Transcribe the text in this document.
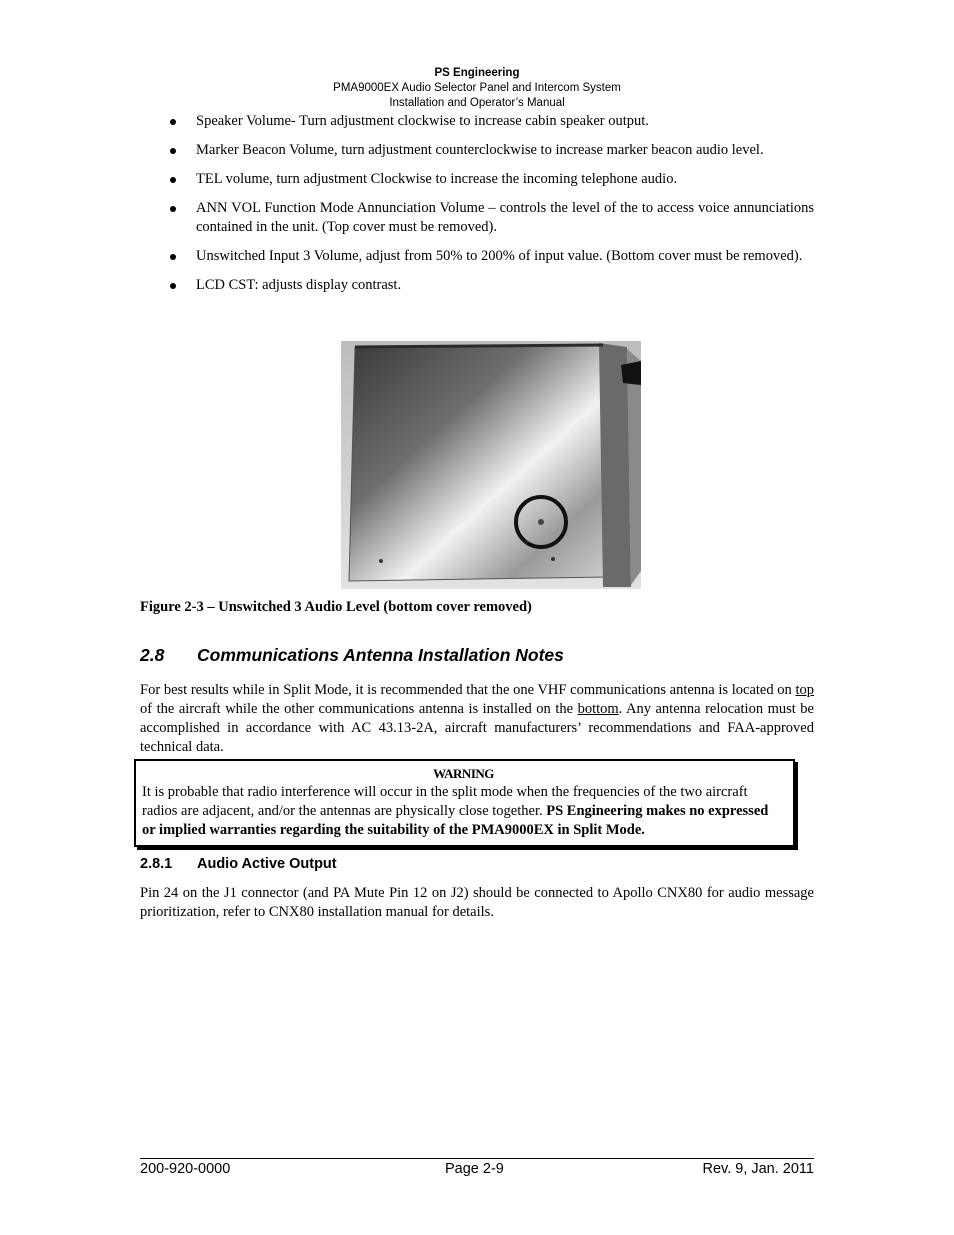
PS Engineering
PMA9000EX Audio Selector Panel and Intercom System
Installation and Operator’s Manual
Speaker Volume- Turn adjustment clockwise to increase cabin speaker output.
Marker Beacon Volume, turn adjustment counterclockwise to increase marker beacon audio level.
TEL volume, turn adjustment Clockwise to increase the incoming telephone audio.
ANN VOL Function Mode Annunciation Volume – controls the level of the to access voice annunciations contained in the unit. (Top cover must be removed).
Unswitched Input 3 Volume, adjust from 50% to 200% of input value. (Bottom cover must be removed).
LCD CST: adjusts display contrast.
Figure 2-3 – Unswitched 3 Audio Level (bottom cover removed)
2.8 Communications Antenna Installation Notes

For best results while in Split Mode, it is recommended that the one VHF communications antenna is located on top of the aircraft while the other communications antenna is installed on the bottom. Any antenna relocation must be accomplished in accordance with AC 43.13-2A, aircraft manufacturers’ recommendations and FAA-approved technical data.

WARNING
It is probable that radio interference will occur in the split mode when the frequencies of the two aircraft radios are adjacent, and/or the antennas are physically close together. PS Engineering makes no expressed or implied warranties regarding the suitability of the PMA9000EX in Split Mode.
2.8.1 Audio Active Output

Pin 24 on the J1 connector (and PA Mute Pin 12 on J2) should be connected to Apollo CNX80 for audio message prioritization, refer to CNX80 installation manual for details.

200-920-0000	Page 2-9	Rev. 9, Jan. 2011
